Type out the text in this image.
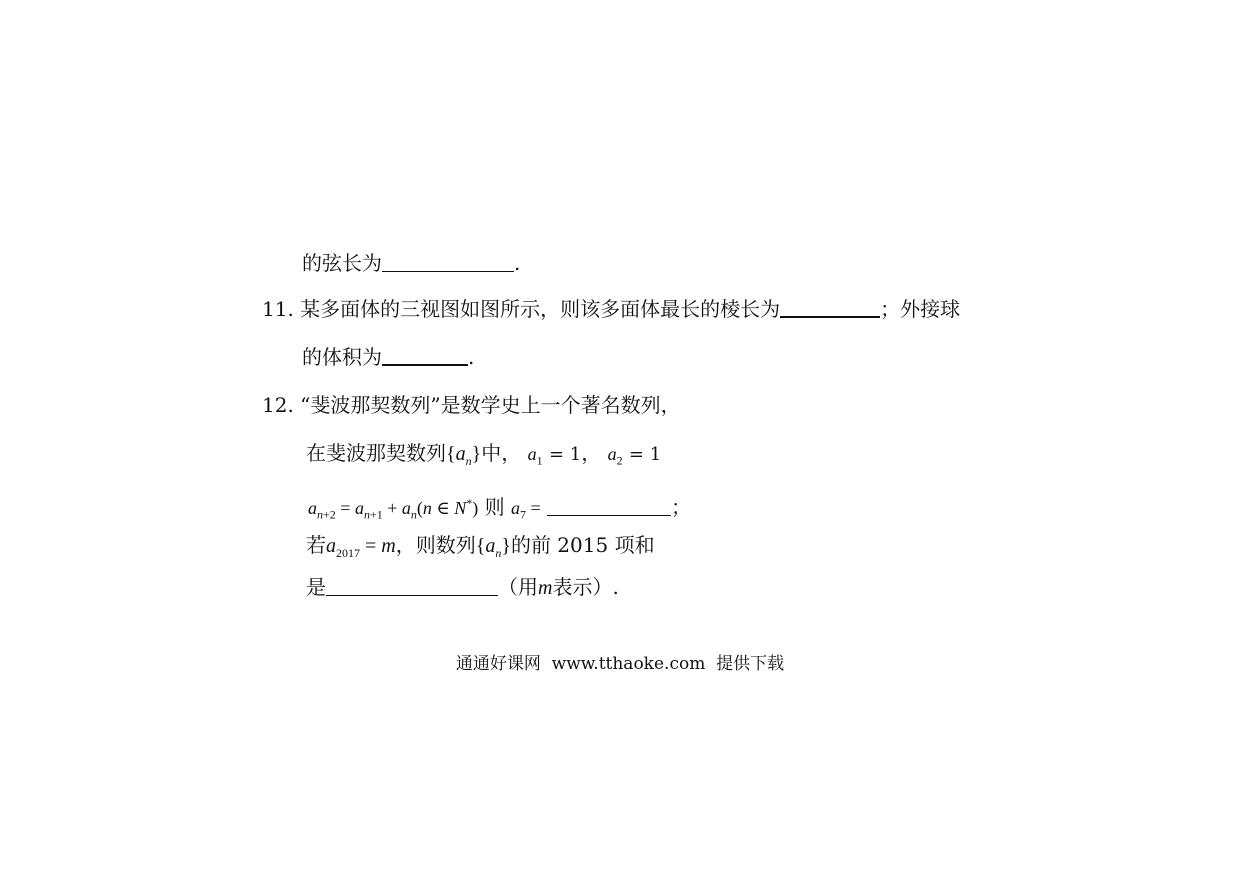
的弦长为	.
11. 某多面体的三视图如图所示，则该多面体最长的棱长为	；外接球
的体积为	.
12. “斐波那契数列”是数学史上一个著名数列，
在斐波那契数列$\{a_n\}$中， $a_1 = 1$， $a_2 = 1$
$a_{n+2} = a_{n+1} + a_n(n$ ∈ N*) 则 $a_7$ =	；
若$a_{2017} = m$，则数列$\{a_n\}$的前 2015 项和
是	（用m表示）.
通通好课网 www.tthaoke.com 提供下载
